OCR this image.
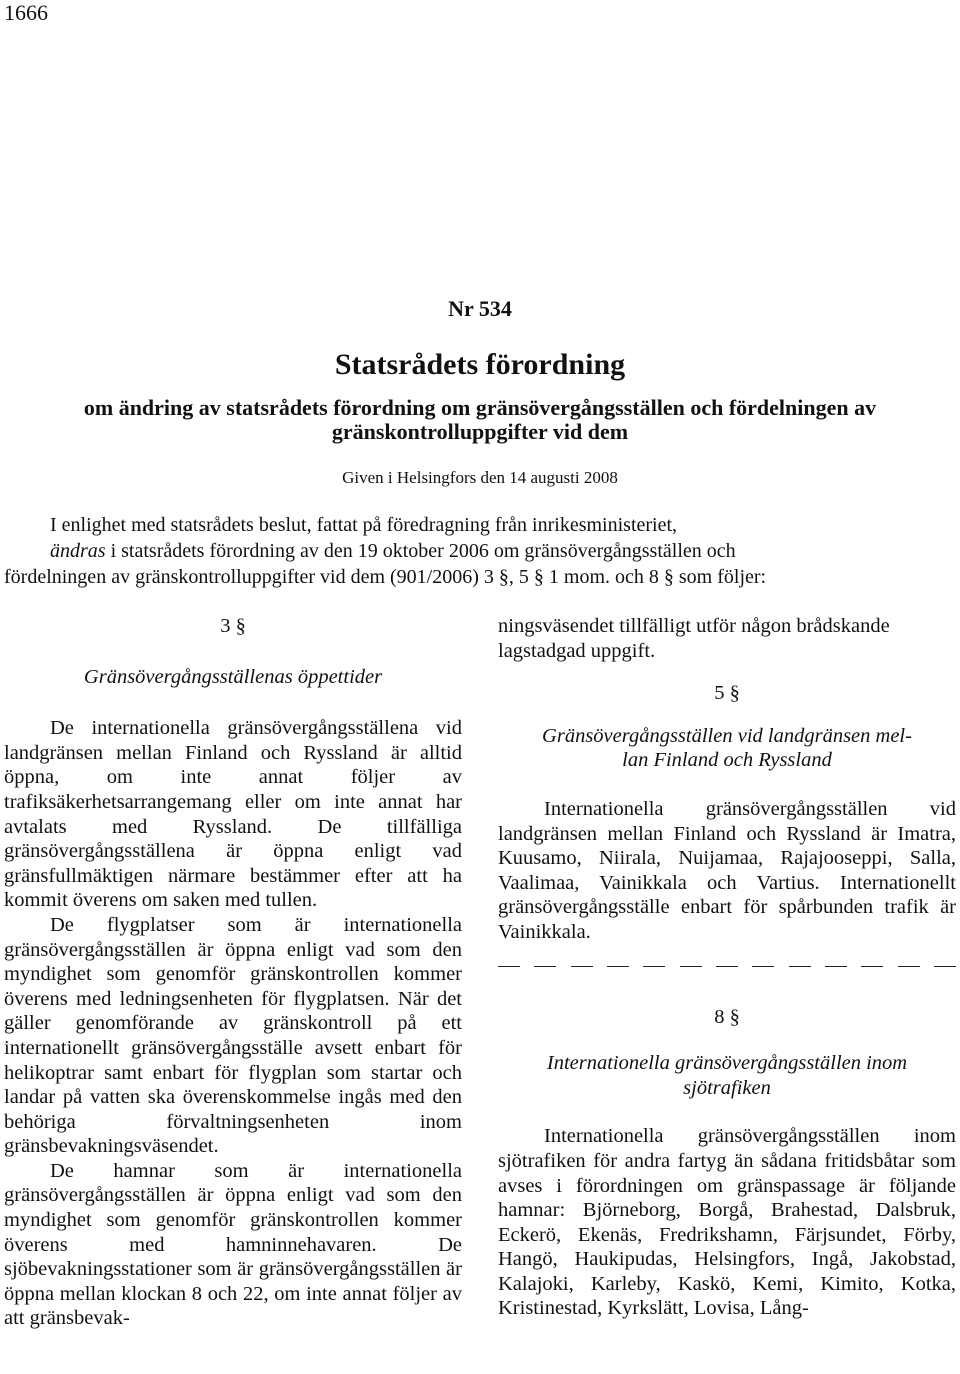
1666
Nr 534
Statsrådets förordning
om ändring av statsrådets förordning om gränsövergångsställen och fördelningen av
gränskontrolluppgifter vid dem
Given i Helsingfors den 14 augusti 2008

I enlighet med statsrådets beslut, fattat på föredragning från inrikesministeriet,

ändras i statsrådets förordning av den 19 oktober 2006 om gränsövergångsställen och

fördelningen av gränskontrolluppgifter vid dem (901/2006) 3 §, 5 § 1 mom. och 8 § som följer:

3 §
Gränsövergångsställenas öppettider

De internationella gränsövergångsställena vid landgränsen mellan Finland och Ryssland är alltid öppna, om inte annat följer av trafiksäkerhetsarrangemang eller om inte annat har avtalats med Ryssland. De tillfälliga gränsövergångsställena är öppna enligt vad gränsfullmäktigen närmare bestämmer efter att ha kommit överens om saken med tullen.

De flygplatser som är internationella gränsövergångsställen är öppna enligt vad som den myndighet som genomför gränskontrollen kommer överens med ledningsenheten för flygplatsen. När det gäller genomförande av gränskontroll på ett internationellt gränsövergångsställe avsett enbart för helikoptrar samt enbart för flygplan som startar och landar på vatten ska överenskommelse ingås med den behöriga förvaltningsenheten inom gränsbevakningsväsendet.

De hamnar som är internationella gränsövergångsställen är öppna enligt vad som den myndighet som genomför gränskontrollen kommer överens med hamninnehavaren. De sjöbevakningsstationer som är gränsövergångsställen är öppna mellan klockan 8 och 22, om inte annat följer av att gränsbevak-

ningsväsendet tillfälligt utför någon brådskande lagstadgad uppgift.

5 §
Gränsövergångsställen vid landgränsen mel-
lan Finland och Ryssland

Internationella gränsövergångsställen vid landgränsen mellan Finland och Ryssland är Imatra, Kuusamo, Niirala, Nuijamaa, Rajajooseppi, Salla, Vaalimaa, Vainikkala och Vartius. Internationellt gränsövergångsställe enbart för spårbunden trafik är Vainikkala.

8 §
Internationella gränsövergångsställen inom
sjötrafiken

Internationella gränsövergångsställen inom sjötrafiken för andra fartyg än sådana fritidsbåtar som avses i förordningen om gränspassage är följande hamnar: Björneborg, Borgå, Brahestad, Dalsbruk, Eckerö, Ekenäs, Fredrikshamn, Färjsundet, Förby, Hangö, Haukipudas, Helsingfors, Ingå, Jakobstad, Kalajoki, Karleby, Kaskö, Kemi, Kimito, Kotka, Kristinestad, Kyrkslätt, Lovisa, Lång-
